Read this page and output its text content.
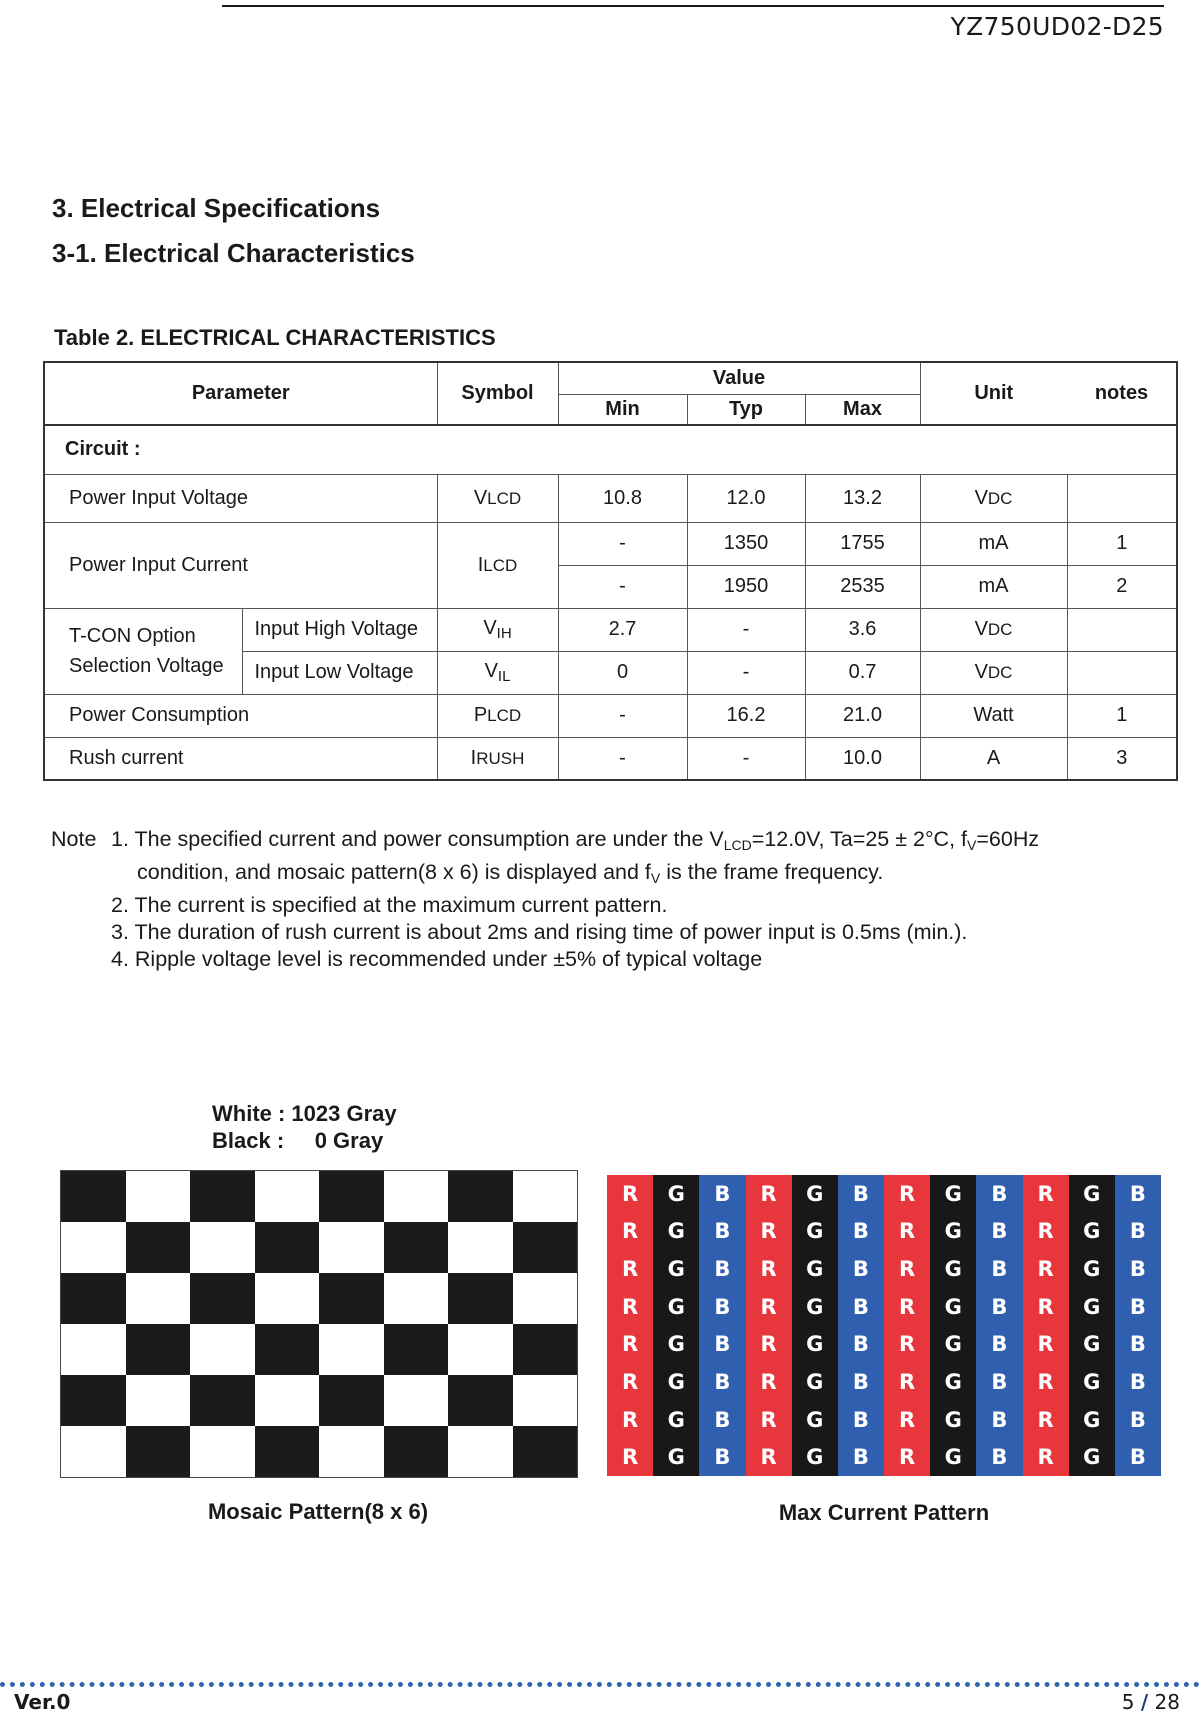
YZ750UD02-D25
3. Electrical Specifications
3-1. Electrical Characteristics
Table 2. ELECTRICAL CHARACTERISTICS
Parameter		Symbol	Value			Unit	notes
			Min	Typ	Max		
Circuit :							
Power Input Voltage		VLCD	10.8	12.0	13.2	VDC	
Power Input Current		ILCD	-	1350	1755	mA	1
			-	1950	2535	mA	2

T-CON Option
Selection Voltage	Input High Voltage	$V_{IH}$	2.7	-	3.6	VDC	
	Input Low Voltage	$V_{IL}$	0	-	0.7	VDC	
Power Consumption		PLCD	-	16.2	21.0	Watt	1
Rush current		IRUSH	-	-	10.0	A	3
Note 1. The specified current and power consumption are under the VLCD=12.0V, Ta=25 ± 2°C, fV=60Hz
condition, and mosaic pattern(8 x 6) is displayed and fV is the frame frequency.
2. The current is specified at the maximum current pattern.
3. The duration of rush current is about 2ms and rising time of power input is 0.5ms (min.).
4. Ripple voltage level is recommended under ±5% of typical voltage
White : 1023 Gray
Black :     0 Gray
Mosaic Pattern(8 x 6)
R
R
R
R
R
R
R
R
G
G
G
G
G
G
G
G
B
B
B
B
B
B
B
B
R
R
R
R
R
R
R
R
G
G
G
G
G
G
G
G
B
B
B
B
B
B
B
B
R
R
R
R
R
R
R
R
G
G
G
G
G
G
G
G
B
B
B
B
B
B
B
B
R
R
R
R
R
R
R
R
G
G
G
G
G
G
G
G
B
B
B
B
B
B
B
B
Max Current Pattern
Ver.0	5 / 28
